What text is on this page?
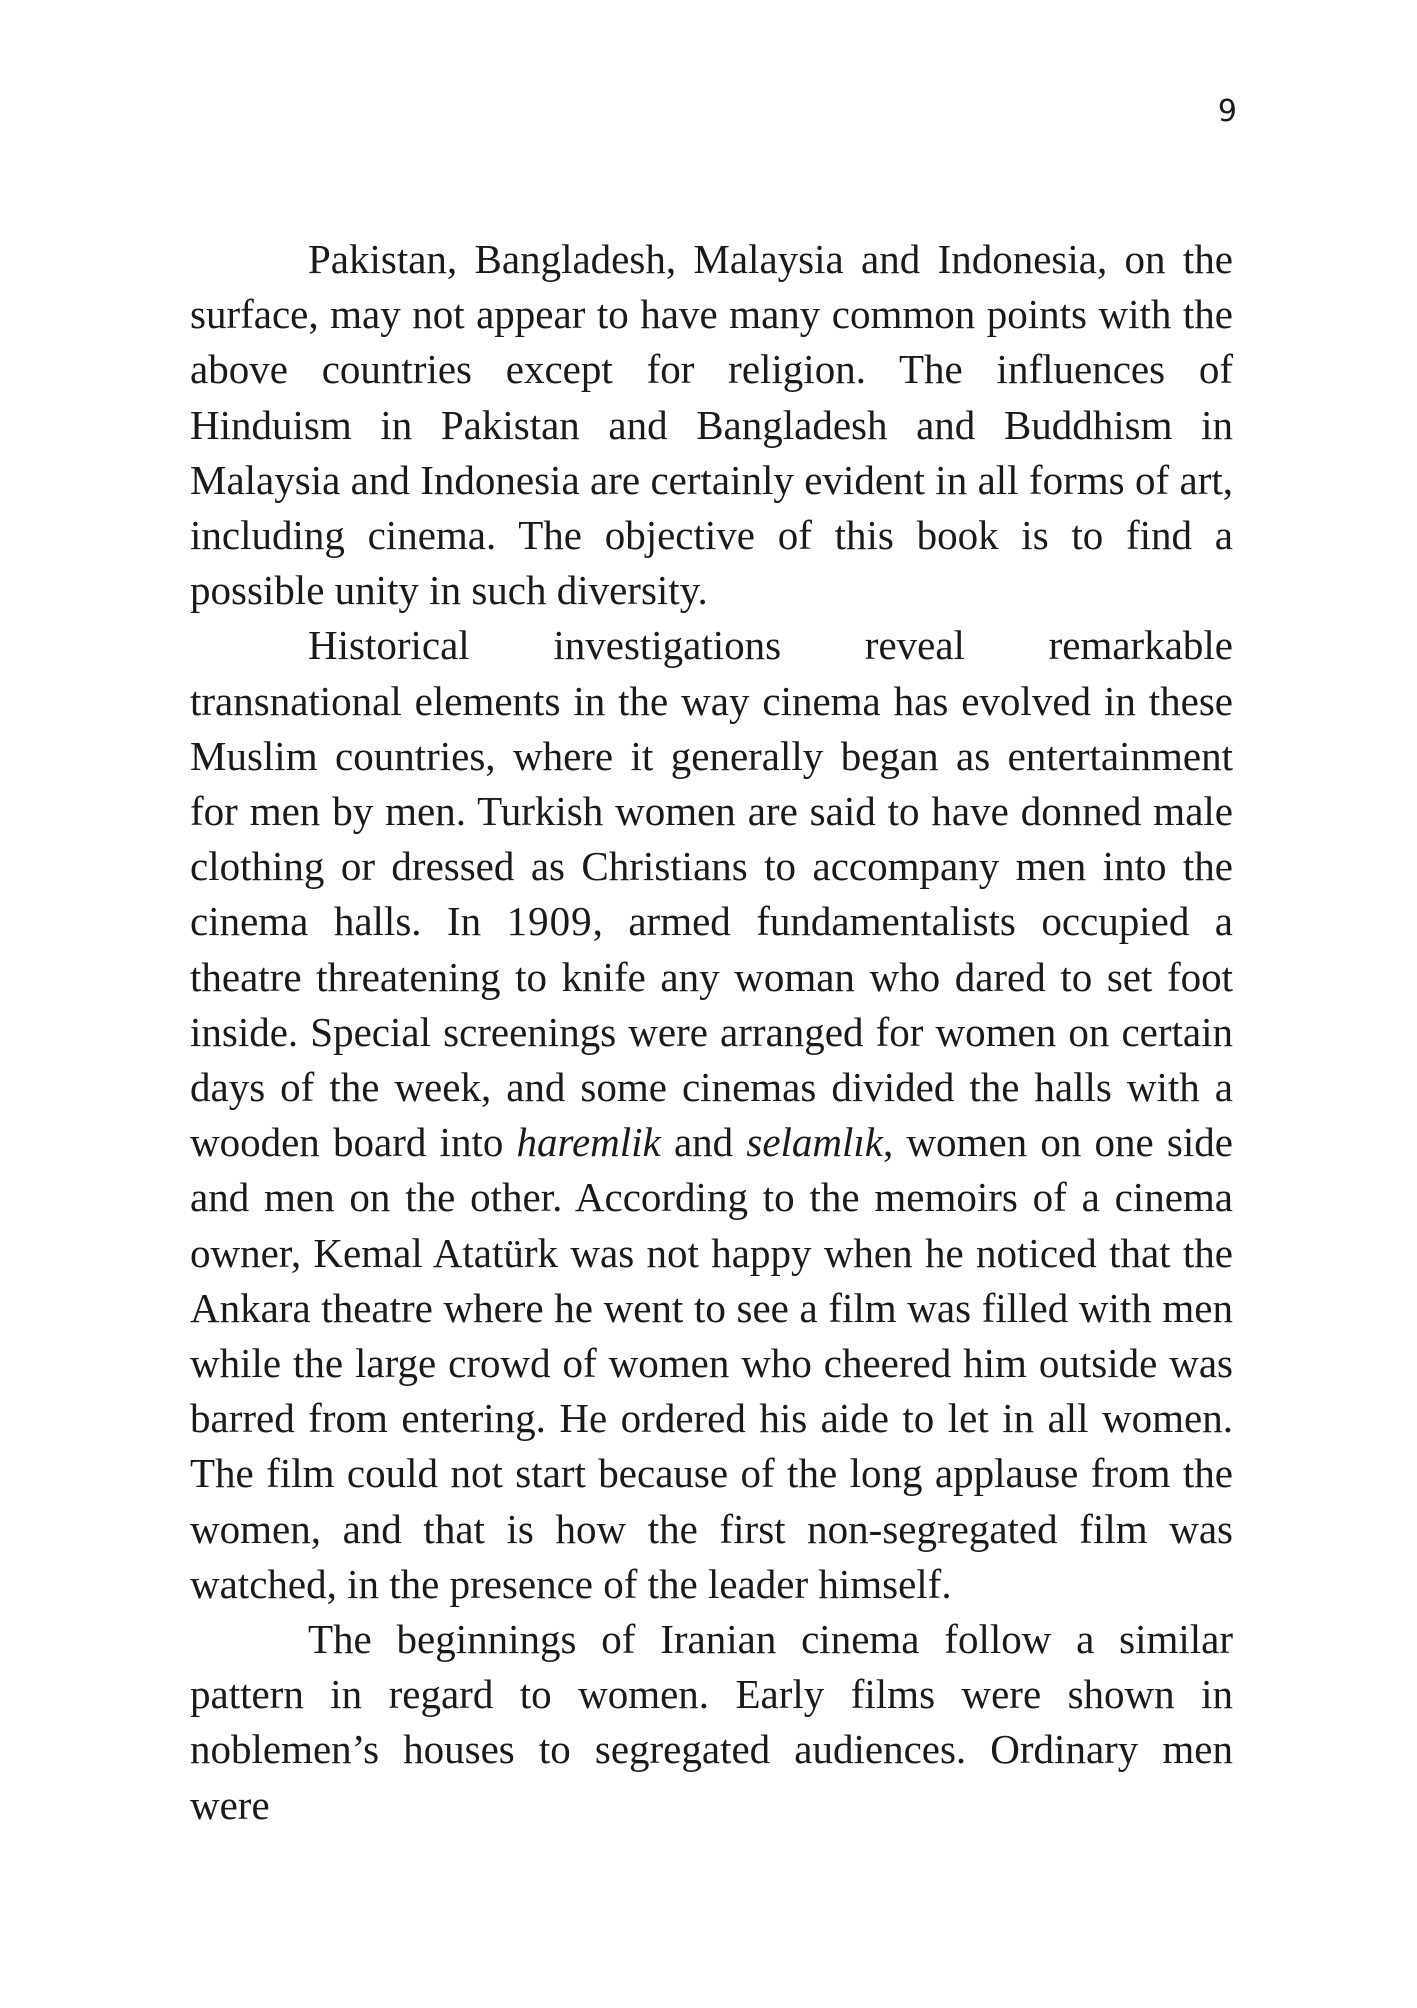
9

Pakistan, Bangladesh, Malaysia and Indonesia, on the surface, may not appear to have many common points with the above countries except for religion. The influences of Hinduism in Pakistan and Bangladesh and Buddhism in Malaysia and Indonesia are certainly evident in all forms of art, including cinema. The objective of this book is to find a possible unity in such diversity.

Historical investigations reveal remarkable transnational elements in the way cinema has evolved in these Muslim countries, where it generally began as entertainment for men by men. Turkish women are said to have donned male clothing or dressed as Christians to accompany men into the cinema halls. In 1909, armed fundamentalists occupied a theatre threatening to knife any woman who dared to set foot inside. Special screenings were arranged for women on certain days of the week, and some cinemas divided the halls with a wooden board into haremlik and selamlık, women on one side and men on the other. According to the memoirs of a cinema owner, Kemal Atatürk was not happy when he noticed that the Ankara theatre where he went to see a film was filled with men while the large crowd of women who cheered him outside was barred from entering. He ordered his aide to let in all women. The film could not start because of the long applause from the women, and that is how the first non-segregated film was watched, in the presence of the leader himself.

The beginnings of Iranian cinema follow a similar pattern in regard to women. Early films were shown in noblemen’s houses to segregated audiences. Ordinary men were
